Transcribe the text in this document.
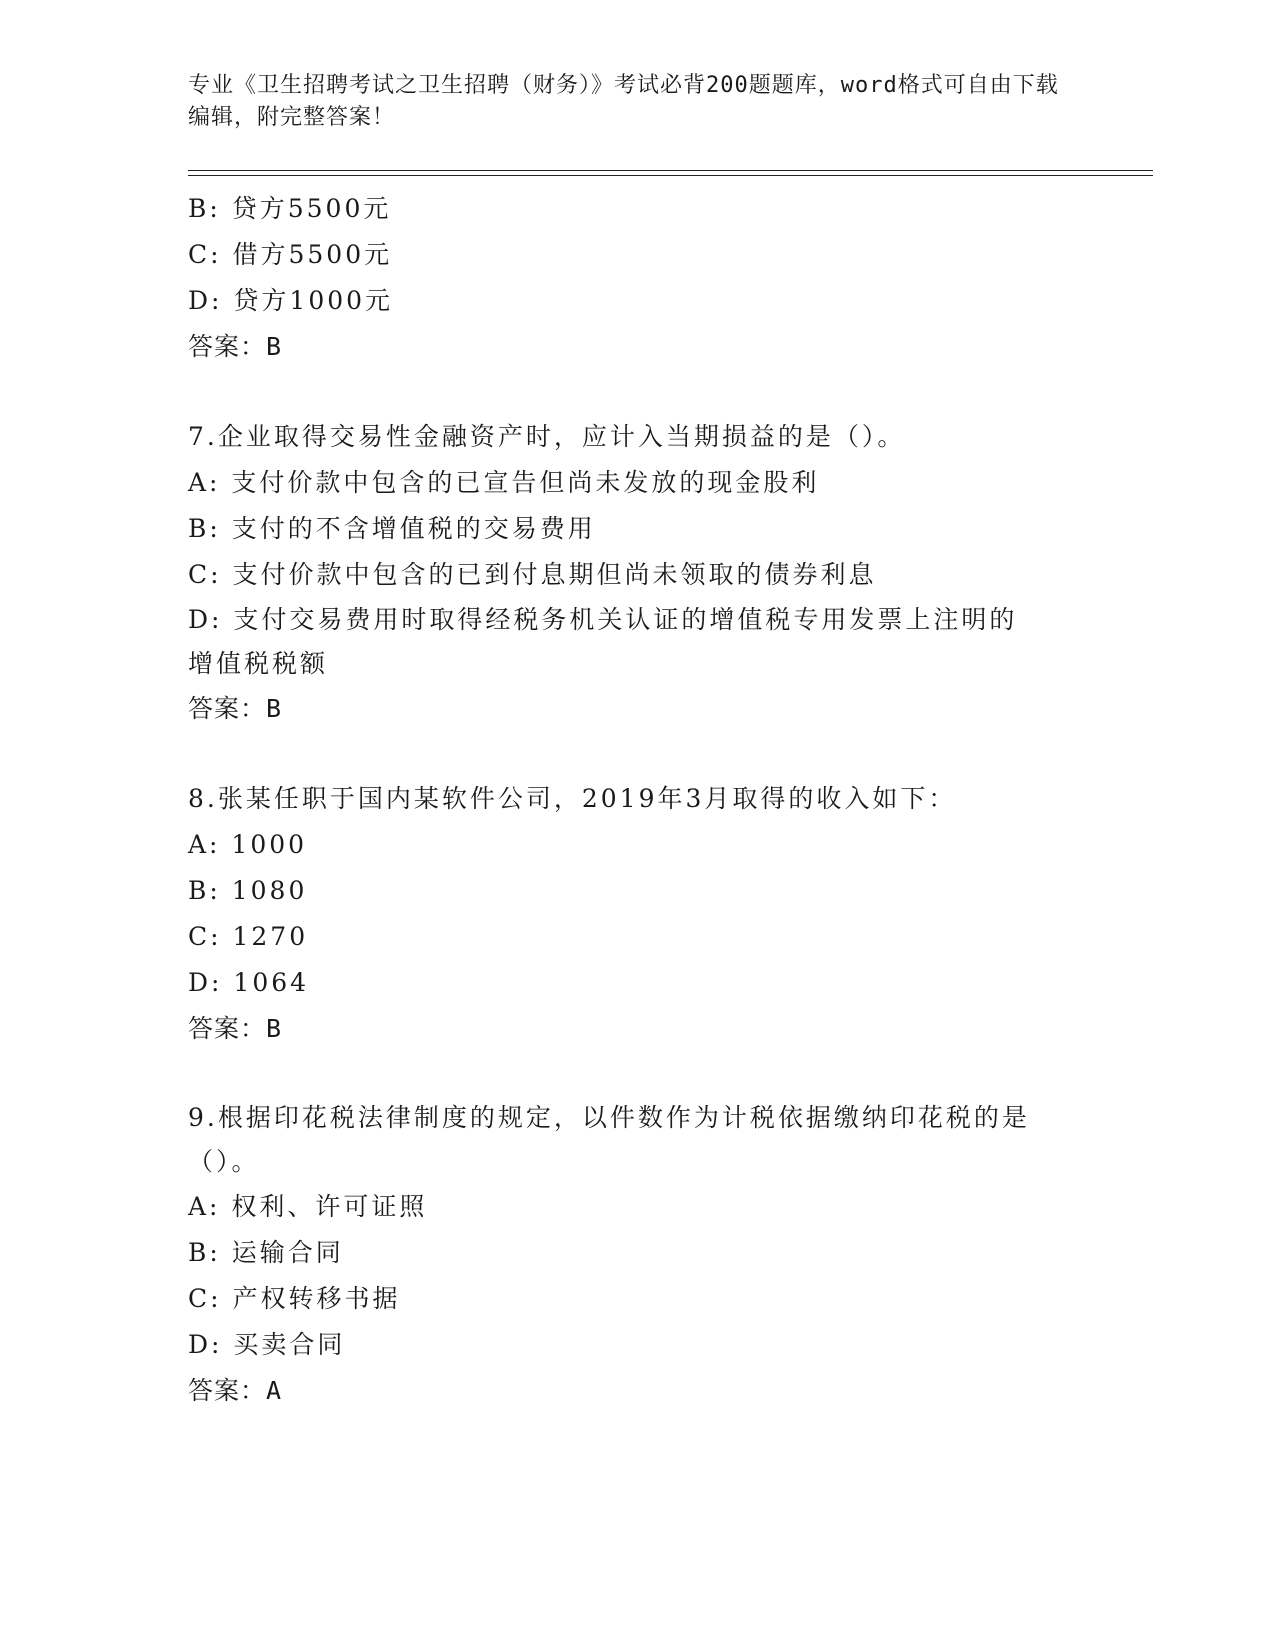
专业《卫生招聘考试之卫生招聘（财务）》考试必背200题题库，word格式可自由下载编辑，附完整答案！
B: 贷方5500元
C: 借方5500元
D: 贷方1000元
答案：B
7.企业取得交易性金融资产时，应计入当期损益的是（）。
A: 支付价款中包含的已宣告但尚未发放的现金股利
B: 支付的不含增值税的交易费用
C: 支付价款中包含的已到付息期但尚未领取的债券利息
D: 支付交易费用时取得经税务机关认证的增值税专用发票上注明的增值税税额
答案：B
8.张某任职于国内某软件公司，2019年3月取得的收入如下：
A: 1000
B: 1080
C: 1270
D: 1064
答案：B
9.根据印花税法律制度的规定，以件数作为计税依据缴纳印花税的是（）。
A: 权利、许可证照
B: 运输合同
C: 产权转移书据
D: 买卖合同
答案：A
